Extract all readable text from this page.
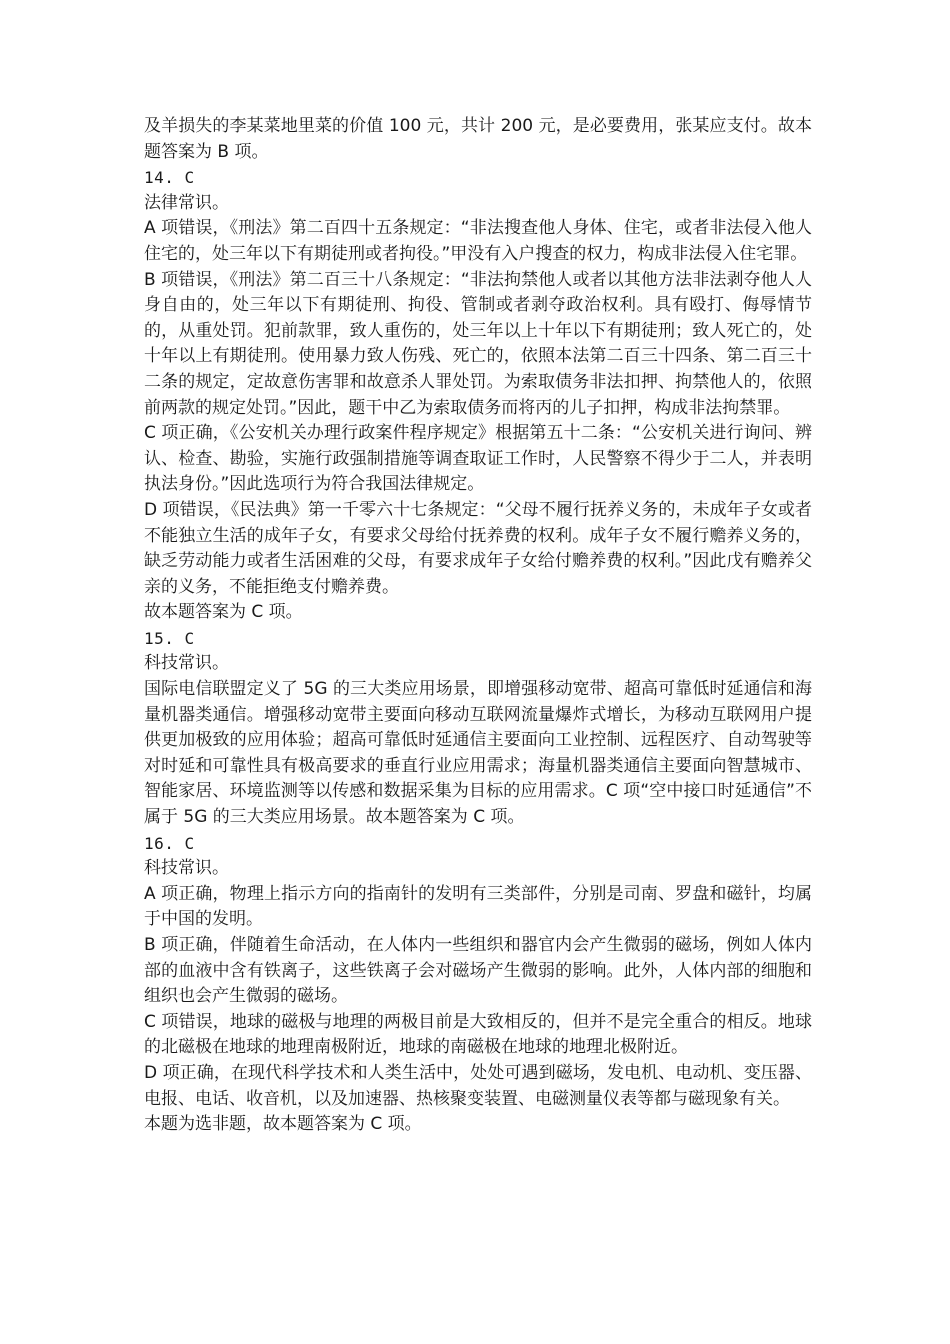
及羊损失的李某菜地里菜的价值 100 元，共计 200 元，是必要费用，张某应支付。故本题答案为 B 项。

14. C

法律常识。

A 项错误，《刑法》第二百四十五条规定：“非法搜查他人身体、住宅，或者非法侵入他人住宅的，处三年以下有期徒刑或者拘役。”甲没有入户搜查的权力，构成非法侵入住宅罪。

B 项错误，《刑法》第二百三十八条规定：“非法拘禁他人或者以其他方法非法剥夺他人人身自由的，处三年以下有期徒刑、拘役、管制或者剥夺政治权利。具有殴打、侮辱情节的，从重处罚。犯前款罪，致人重伤的，处三年以上十年以下有期徒刑；致人死亡的，处十年以上有期徒刑。使用暴力致人伤残、死亡的，依照本法第二百三十四条、第二百三十二条的规定，定故意伤害罪和故意杀人罪处罚。为索取债务非法扣押、拘禁他人的，依照前两款的规定处罚。”因此，题干中乙为索取债务而将丙的儿子扣押，构成非法拘禁罪。

C 项正确，《公安机关办理行政案件程序规定》根据第五十二条：“公安机关进行询问、辨认、检查、勘验，实施行政强制措施等调查取证工作时，人民警察不得少于二人，并表明执法身份。”因此选项行为符合我国法律规定。

D 项错误，《民法典》第一千零六十七条规定：“父母不履行抚养义务的，未成年子女或者不能独立生活的成年子女，有要求父母给付抚养费的权利。成年子女不履行赡养义务的，缺乏劳动能力或者生活困难的父母，有要求成年子女给付赡养费的权利。”因此戊有赡养父亲的义务，不能拒绝支付赡养费。

故本题答案为 C 项。

15. C

科技常识。

国际电信联盟定义了 5G 的三大类应用场景，即增强移动宽带、超高可靠低时延通信和海量机器类通信。增强移动宽带主要面向移动互联网流量爆炸式增长，为移动互联网用户提供更加极致的应用体验；超高可靠低时延通信主要面向工业控制、远程医疗、自动驾驶等对时延和可靠性具有极高要求的垂直行业应用需求；海量机器类通信主要面向智慧城市、智能家居、环境监测等以传感和数据采集为目标的应用需求。C 项“空中接口时延通信”不属于 5G 的三大类应用场景。故本题答案为 C 项。

16. C

科技常识。

A 项正确，物理上指示方向的指南针的发明有三类部件，分别是司南、罗盘和磁针，均属于中国的发明。

B 项正确，伴随着生命活动，在人体内一些组织和器官内会产生微弱的磁场，例如人体内部的血液中含有铁离子，这些铁离子会对磁场产生微弱的影响。此外，人体内部的细胞和组织也会产生微弱的磁场。

C 项错误，地球的磁极与地理的两极目前是大致相反的，但并不是完全重合的相反。地球的北磁极在地球的地理南极附近，地球的南磁极在地球的地理北极附近。

D 项正确，在现代科学技术和人类生活中，处处可遇到磁场，发电机、电动机、变压器、电报、电话、收音机，以及加速器、热核聚变装置、电磁测量仪表等都与磁现象有关。

本题为选非题，故本题答案为 C 项。
